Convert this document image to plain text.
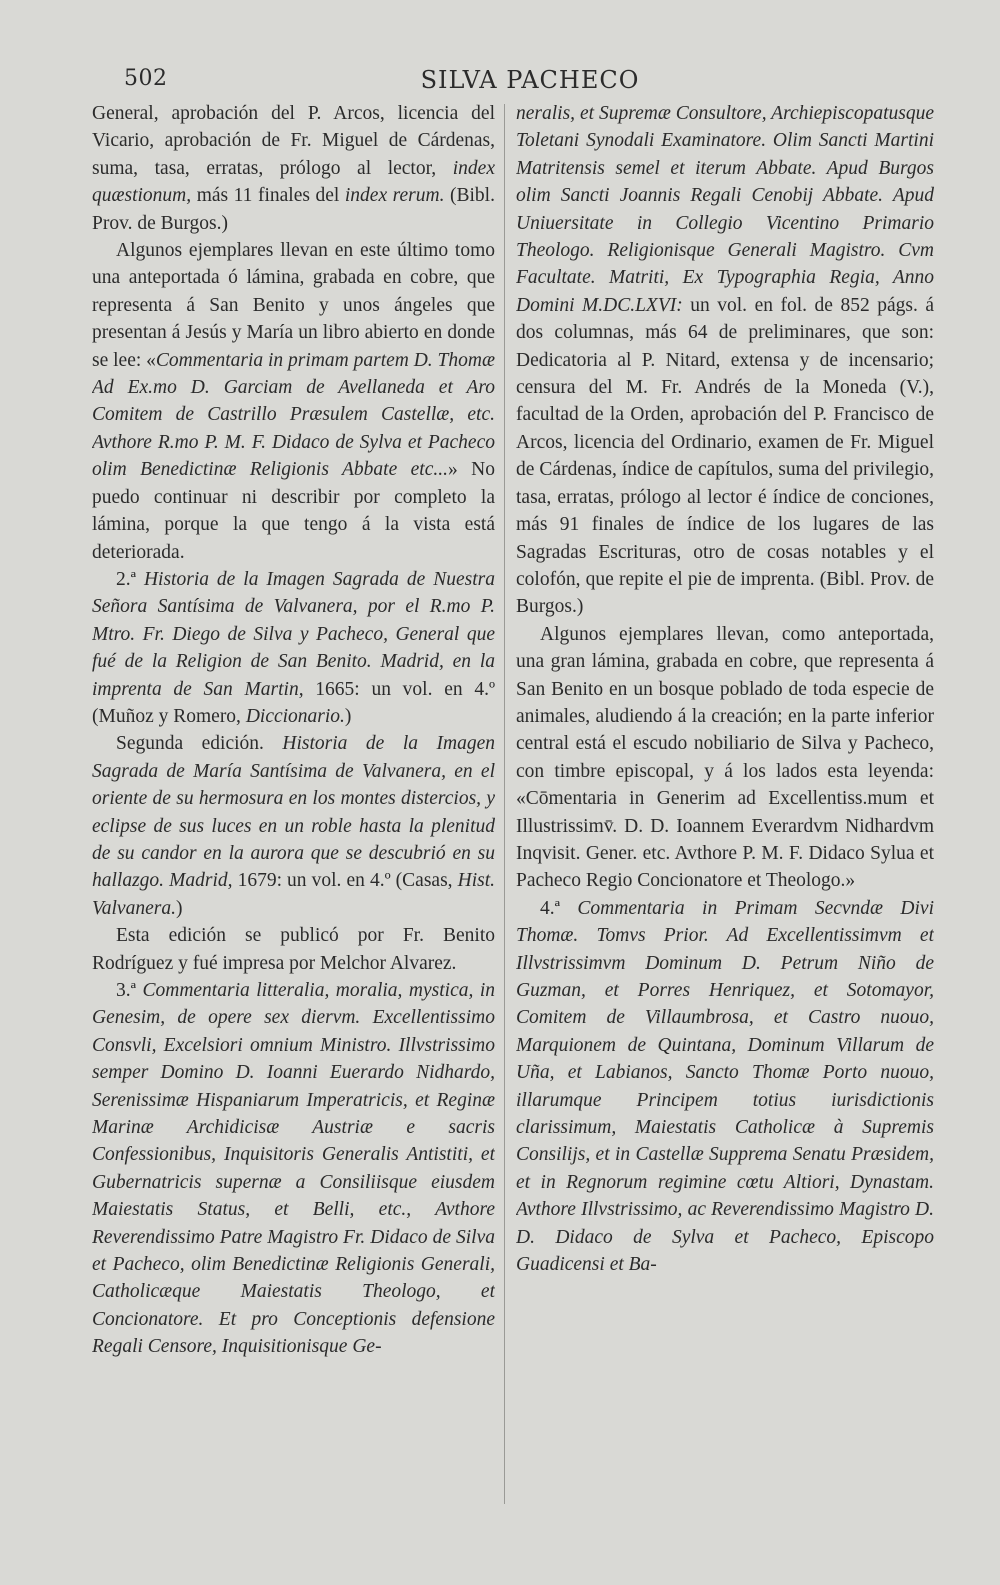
502	SILVA PACHECO

General, aprobación del P. Arcos, licencia del Vicario, aprobación de Fr. Miguel de Cárdenas, suma, tasa, erratas, prólogo al lector, index quæstionum, más 11 finales del index rerum. (Bibl. Prov. de Burgos.)

Algunos ejemplares llevan en este último tomo una anteportada ó lámina, grabada en cobre, que representa á San Benito y unos ángeles que presentan á Jesús y María un libro abierto en donde se lee: «Commentaria in primam partem D. Thomæ Ad Ex.mo D. Garciam de Avellaneda et Aro Comitem de Castrillo Præsulem Castellæ, etc. Avthore R.mo P. M. F. Didaco de Sylva et Pacheco olim Benedictinæ Religionis Abbate etc...» No puedo continuar ni describir por completo la lámina, porque la que tengo á la vista está deteriorada.

2.ª Historia de la Imagen Sagrada de Nuestra Señora Santísima de Valvanera, por el R.mo P. Mtro. Fr. Diego de Silva y Pacheco, General que fué de la Religion de San Benito. Madrid, en la imprenta de San Martin, 1665: un vol. en 4.º (Muñoz y Romero, Diccionario.)

Segunda edición. Historia de la Imagen Sagrada de María Santísima de Valvanera, en el oriente de su hermosura en los montes distercios, y eclipse de sus luces en un roble hasta la plenitud de su candor en la aurora que se descubrió en su hallazgo. Madrid, 1679: un vol. en 4.º (Casas, Hist. Valvanera.)

Esta edición se publicó por Fr. Benito Rodríguez y fué impresa por Melchor Alvarez.

3.ª Commentaria litteralia, moralia, mystica, in Genesim, de opere sex diervm. Excellentissimo Consvli, Excelsiori omnium Ministro. Illvstrissimo semper Domino D. Ioanni Euerardo Nidhardo, Serenissimæ Hispaniarum Imperatricis, et Reginæ Marinæ Archidicisæ Austriæ e sacris Confessionibus, Inquisitoris Generalis Antistiti, et Gubernatricis supernæ a Consiliisque eiusdem Maiestatis Status, et Belli, etc., Avthore Reverendissimo Patre Magistro Fr. Didaco de Silva et Pacheco, olim Benedictinæ Religionis Generali, Catholicæque Maiestatis Theologo, et Concionatore. Et pro Conceptionis defensione Regali Censore, Inquisitionisque Ge-

neralis, et Supremæ Consultore, Archiepiscopatusque Toletani Synodali Examinatore. Olim Sancti Martini Matritensis semel et iterum Abbate. Apud Burgos olim Sancti Joannis Regali Cenobij Abbate. Apud Uniuersitate in Collegio Vicentino Primario Theologo. Religionisque Generali Magistro. Cvm Facultate. Matriti, Ex Typographia Regia, Anno Domini M.DC.LXVI: un vol. en fol. de 852 págs. á dos columnas, más 64 de preliminares, que son: Dedicatoria al P. Nitard, extensa y de incensario; censura del M. Fr. Andrés de la Moneda (V.), facultad de la Orden, aprobación del P. Francisco de Arcos, licencia del Ordinario, examen de Fr. Miguel de Cárdenas, índice de capítulos, suma del privilegio, tasa, erratas, prólogo al lector é índice de conciones, más 91 finales de índice de los lugares de las Sagradas Escrituras, otro de cosas notables y el colofón, que repite el pie de imprenta. (Bibl. Prov. de Burgos.)

Algunos ejemplares llevan, como anteportada, una gran lámina, grabada en cobre, que representa á San Benito en un bosque poblado de toda especie de animales, aludiendo á la creación; en la parte inferior central está el escudo nobiliario de Silva y Pacheco, con timbre episcopal, y á los lados esta leyenda: «Cōmentaria in Generim ad Excellentiss.mum et Illustrissimv̄. D. D. Ioannem Everardvm Nidhardvm Inqvisit. Gener. etc. Avthore P. M. F. Didaco Sylua et Pacheco Regio Concionatore et Theologo.»

4.ª Commentaria in Primam Secvndæ Divi Thomæ. Tomvs Prior. Ad Excellentissimvm et Illvstrissimvm Dominum D. Petrum Niño de Guzman, et Porres Henriquez, et Sotomayor, Comitem de Villaumbrosa, et Castro nuouo, Marquionem de Quintana, Dominum Villarum de Uña, et Labianos, Sancto Thomæ Porto nuouo, illarumque Principem totius iurisdictionis clarissimum, Maiestatis Catholicæ à Supremis Consilijs, et in Castellæ Supprema Senatu Præsidem, et in Regnorum regimine cœtu Altiori, Dynastam. Avthore Illvstrissimo, ac Reverendissimo Magistro D. D. Didaco de Sylva et Pacheco, Episcopo Guadicensi et Ba-
